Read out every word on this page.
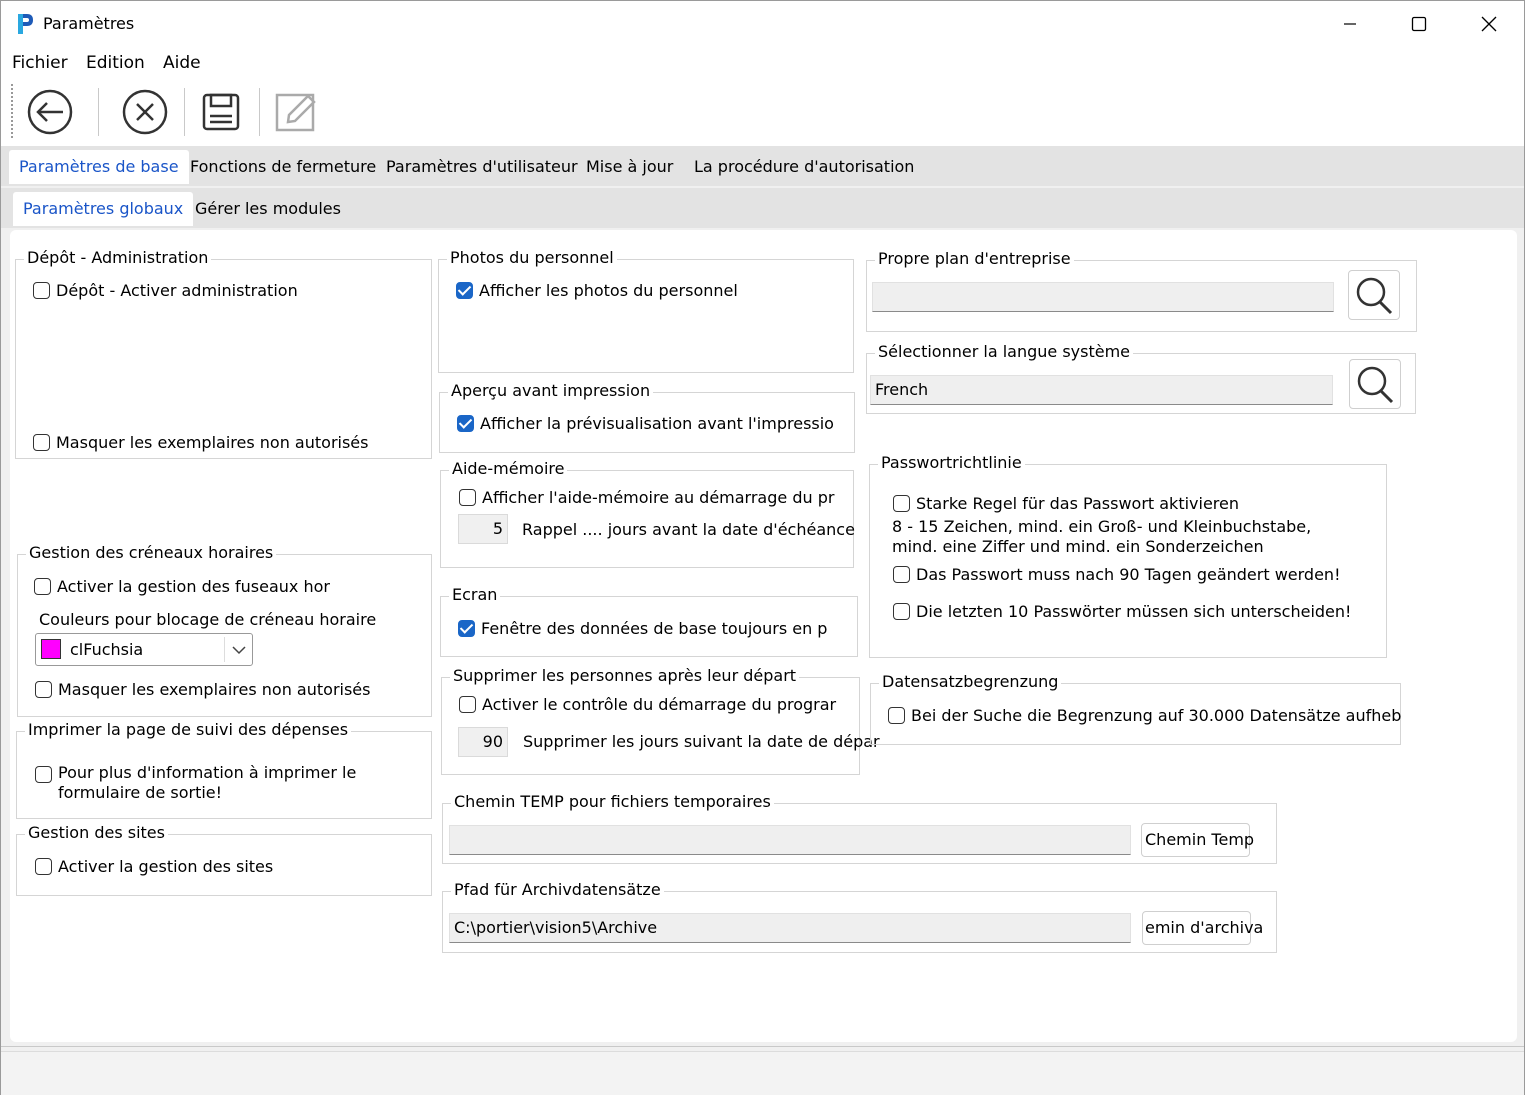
Paramètres
Fichier Edition Aide
Paramètres de base Fonctions de fermeture Paramètres d'utilisateur Mise à jour	La procédure d'autorisation
Paramètres globaux Gérer les modules
Dépôt - Administration
Dépôt - Activer administration
Masquer les exemplaires non autorisés
Gestion des créneaux horaires
Activer la gestion des fuseaux hor
Couleurs pour blocage de créneau horaire
clFuchsia
Masquer les exemplaires non autorisés
Imprimer la page de suivi des dépenses
Pour plus d'information à imprimer le
formulaire de sortie!
Gestion des sites
Activer la gestion des sites
Photos du personnel
Afficher les photos du personnel
Aperçu avant impression
Afficher la prévisualisation avant l'impressio
Aide-mémoire
Afficher l'aide-mémoire au démarrage du pr
5	Rappel .... jours avant la date d'échéance
Ecran
Fenêtre des données de base toujours en p
Supprimer les personnes après leur départ
Activer le contrôle du démarrage du prograr
90	Supprimer les jours suivant la date de dépar
Chemin TEMP pour fichiers temporaires
Chemin Temp
Pfad für Archivdatensätze
C:\portier\vision5\Archive	emin d'archiva
Propre plan d'entreprise
Sélectionner la langue système
French
Passwortrichtlinie
Starke Regel für das Passwort aktivieren
8 - 15 Zeichen, mind. ein Groß- und Kleinbuchstabe,
mind. eine Ziffer und mind. ein Sonderzeichen
Das Passwort muss nach 90 Tagen geändert werden!
Die letzten 10 Passwörter müssen sich unterscheiden!
Datensatzbegrenzung
Bei der Suche die Begrenzung auf 30.000 Datensätze aufheb
